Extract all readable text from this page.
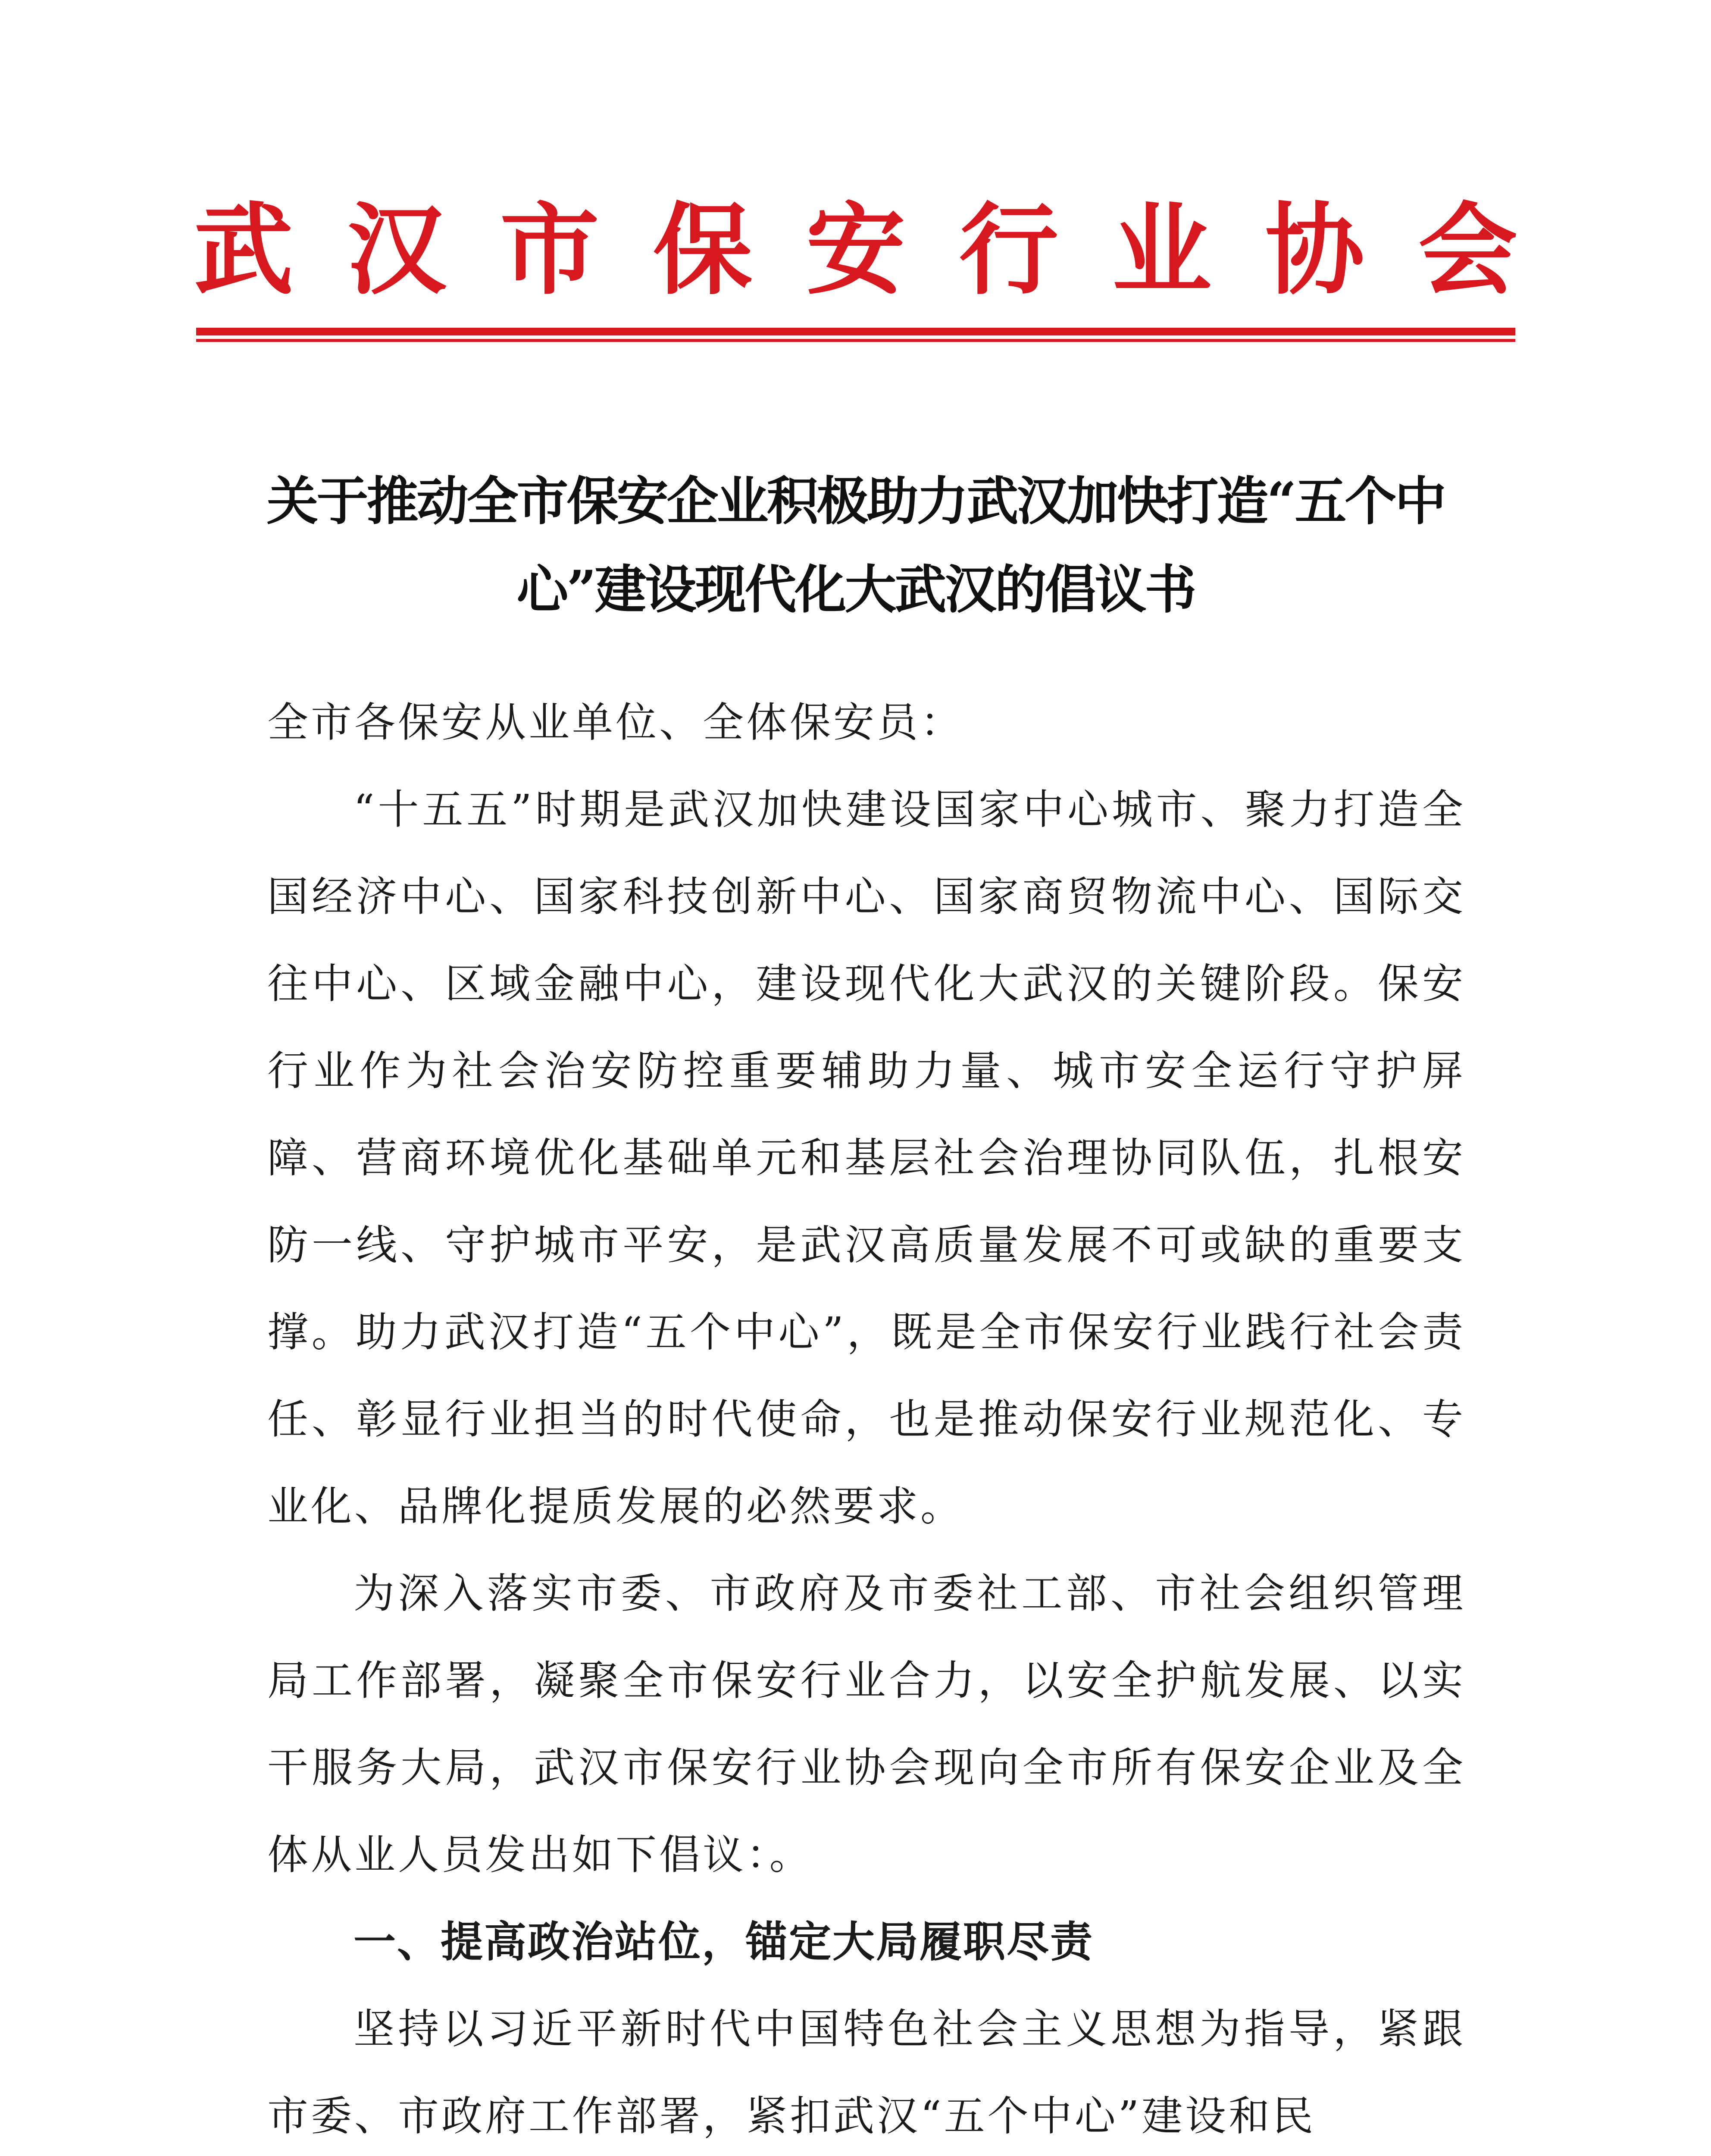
武 汉 市 保 安 行 业 协 会
关于推动全市保安企业积极助力武汉加快打造“五个中心”建设现代化大武汉的倡议书

全市各保安从业单位、全体保安员：

“十五五”时期是武汉加快建设国家中心城市、聚力打造全国经济中心、国家科技创新中心、国家商贸物流中心、国际交往中心、区域金融中心，建设现代化大武汉的关键阶段。保安行业作为社会治安防控重要辅助力量、城市安全运行守护屏障、营商环境优化基础单元和基层社会治理协同队伍，扎根安防一线、守护城市平安，是武汉高质量发展不可或缺的重要支撑。助力武汉打造“五个中心”，既是全市保安行业践行社会责任、彰显行业担当的时代使命，也是推动保安行业规范化、专业化、品牌化提质发展的必然要求。

为深入落实市委、市政府及市委社工部、市社会组织管理局工作部署，凝聚全市保安行业合力，以安全护航发展、以实干服务大局，武汉市保安行业协会现向全市所有保安企业及全体从业人员发出如下倡议：。

一、提高政治站位，锚定大局履职尽责

坚持以习近平新时代中国特色社会主义思想为指导，紧跟市委、市政府工作部署，紧扣武汉“五个中心”建设和民
